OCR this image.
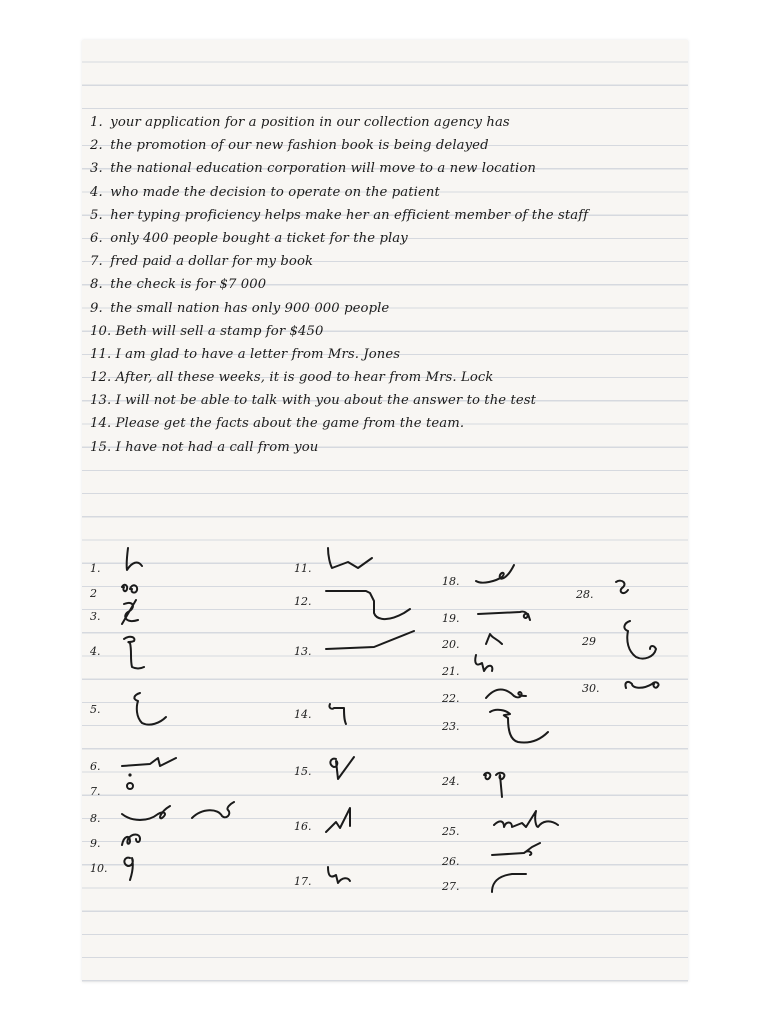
1. your application for a position in our collection agency has
2. the promotion of our new fashion book is being delayed
3. the national education corporation will move to a new location
4. who made the decision to operate on the patient
5. her typing proficiency helps make her an efficient member of the staff
6. only 400 people bought a ticket for the play
7. fred paid a dollar for my book
8. the check is for $7 000
9. the small nation has only 900 000 people
10. Beth will sell a stamp for $450
11. I am glad to have a letter from Mrs. Jones
12. After, all these weeks, it is good to hear from Mrs. Lock
13. I will not be able to talk with you about the answer to the test
14. Please get the facts about the game from the team.
15. I have not had a call from you
1.
2
3.
4.
5.
6.
7.
8.
9.
10.
11.
12.
13.
14.
15.
16.
17.
18.
19.
20.
21.
22.
23.
24.
25.
26.
27.
28.
29
30.
